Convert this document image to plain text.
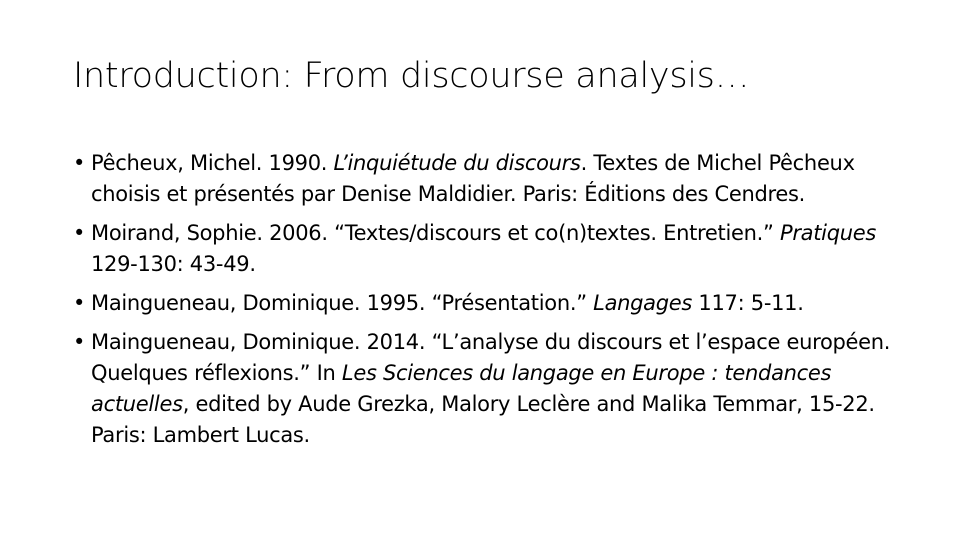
Introduction: From discourse analysis…
• Pêcheux, Michel. 1990. L’inquiétude du discours. Textes de Michel Pêcheux choisis et présentés par Denise Maldidier. Paris: Éditions des Cendres.
• Moirand, Sophie. 2006. “Textes/discours et co(n)textes. Entretien.” Pratiques 129-130: 43-49.
• Maingueneau, Dominique. 1995. “Présentation.” Langages 117: 5-11.
• Maingueneau, Dominique. 2014. “L’analyse du discours et l’espace européen. Quelques réflexions.” In Les Sciences du langage en Europe : tendances actuelles, edited by Aude Grezka, Malory Leclère and Malika Temmar, 15-22. Paris: Lambert Lucas.
